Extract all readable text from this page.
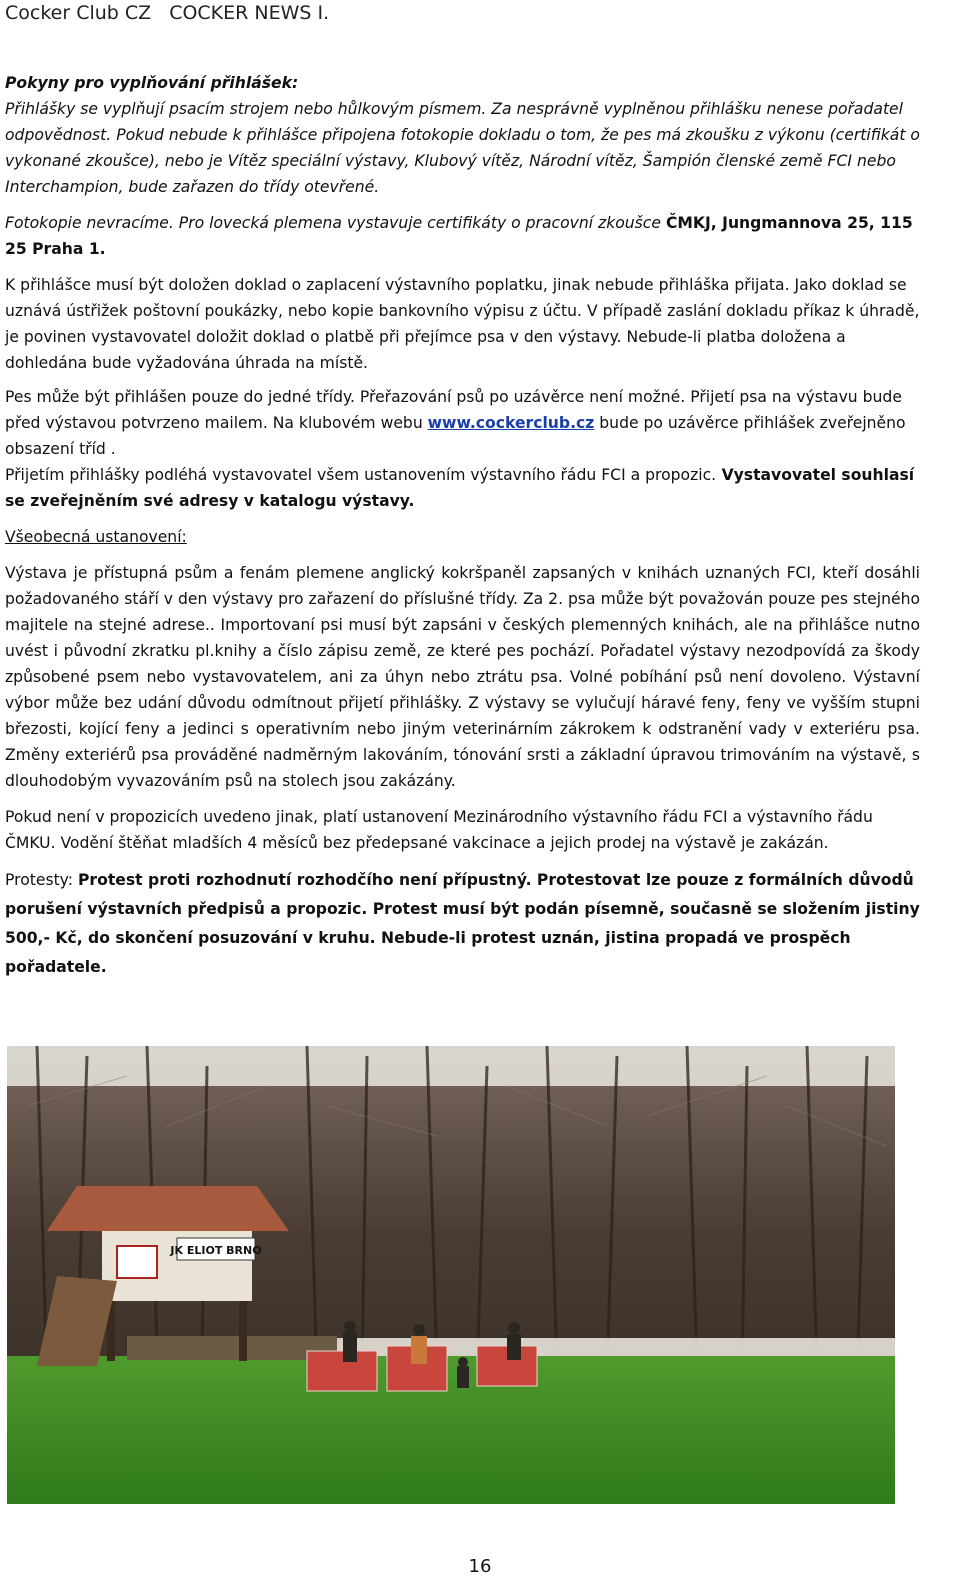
Cocker Club CZ COCKER NEWS I.

Pokyny pro vyplňování přihlášek:

Přihlášky se vyplňují psacím strojem nebo hůlkovým písmem. Za nesprávně vyplněnou přihlášku nenese pořadatel odpovědnost. Pokud nebude k přihlášce připojena fotokopie dokladu o tom, že pes má zkoušku z výkonu (certifikát o vykonané zkoušce), nebo je Vítěz speciální výstavy, Klubový vítěz, Národní vítěz, Šampión členské země FCI nebo Interchampion, bude zařazen do třídy otevřené.

Fotokopie nevracíme. Pro lovecká plemena vystavuje certifikáty o pracovní zkoušce ČMKJ, Jungmannova 25, 115 25 Praha 1.

K přihlášce musí být doložen doklad o zaplacení výstavního poplatku, jinak nebude přihláška přijata. Jako doklad se uznává ústřižek poštovní poukázky, nebo kopie bankovního výpisu z účtu. V případě zaslání dokladu příkaz k úhradě, je povinen vystavovatel doložit doklad o platbě při přejímce psa v den výstavy. Nebude-li platba doložena a dohledána bude vyžadována úhrada na místě.

Pes může být přihlášen pouze do jedné třídy. Přeřazování psů po uzávěrce není možné. Přijetí psa na výstavu bude před výstavou potvrzeno mailem. Na klubovém webu www.cockerclub.cz bude po uzávěrce přihlášek zveřejněno obsazení tříd .

Přijetím přihlášky podléhá vystavovatel všem ustanovením výstavního řádu FCI a propozic. Vystavovatel souhlasí se zveřejněním své adresy v katalogu výstavy.

Všeobecná ustanovení:

Výstava je přístupná psům a fenám plemene anglický kokršpaněl zapsaných v knihách uznaných FCI, kteří dosáhli požadovaného stáří v den výstavy pro zařazení do příslušné třídy. Za 2. psa může být považován pouze pes stejného majitele na stejné adrese.. Importovaní psi musí být zapsáni v českých plemenných knihách, ale na přihlášce nutno uvést i původní zkratku pl.knihy a číslo zápisu země, ze které pes pochází. Pořadatel výstavy nezodpovídá za škody způsobené psem nebo vystavovatelem, ani za úhyn nebo ztrátu psa. Volné pobíhání psů není dovoleno. Výstavní výbor může bez udání důvodu odmítnout přijetí přihlášky. Z výstavy se vylučují háravé feny, feny ve vyšším stupni březosti, kojící feny a jedinci s operativním nebo jiným veterinárním zákrokem k odstranění vady v exteriéru psa. Změny exteriérů psa prováděné nadměrným lakováním, tónování srsti a základní úpravou trimováním na výstavě, s dlouhodobým vyvazováním psů na stolech jsou zakázány.

Pokud není v propozicích uvedeno jinak, platí ustanovení Mezinárodního výstavního řádu FCI a výstavního řádu ČMKU. Vodění štěňat mladších 4 měsíců bez předepsané vakcinace a jejich prodej na výstavě je zakázán.

Protesty: Protest proti rozhodnutí rozhodčího není přípustný. Protestovat lze pouze z formálních důvodů porušení výstavních předpisů a propozic. Protest musí být podán písemně, současně se složením jistiny 500,- Kč, do skončení posuzování v kruhu. Nebude-li protest uznán, jistina propadá ve prospěch pořadatele.

JK ELIOT BRNO
16
